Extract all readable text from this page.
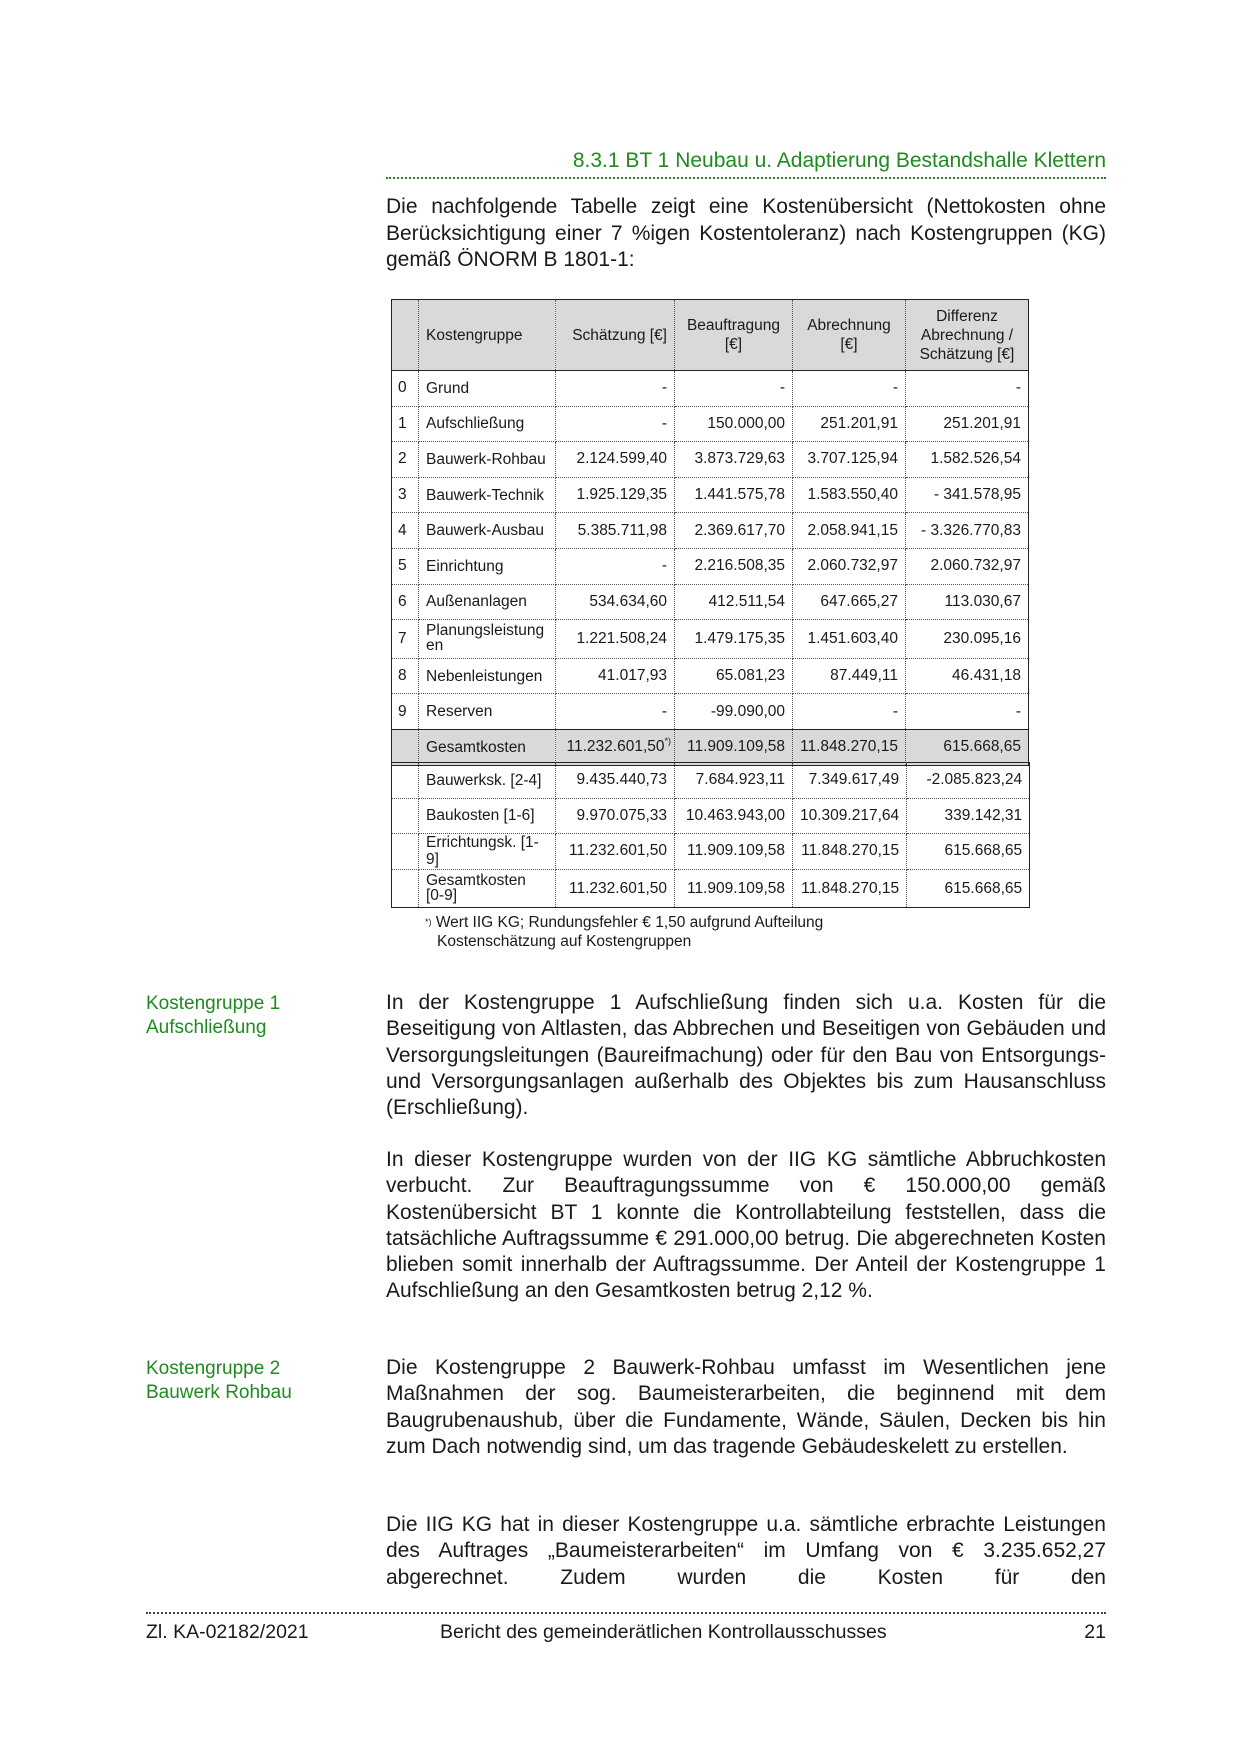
8.3.1 BT 1 Neubau u. Adaptierung Bestandshalle Klettern
Die nachfolgende Tabelle zeigt eine Kostenübersicht (Nettokosten ohne Berücksichtigung einer 7 %igen Kostentoleranz) nach Kostengruppen (KG) gemäß ÖNORM B 1801-1:
	Kostengruppe	Schätzung [€]	Beauftragung [€]	Abrechnung [€]	Differenz Abrechnung / Schätzung [€]
0	Grund	-	-	-	-
1	Aufschließung	-	150.000,00	251.201,91	251.201,91
2	Bauwerk-Rohbau	2.124.599,40	3.873.729,63	3.707.125,94	1.582.526,54
3	Bauwerk-Technik	1.925.129,35	1.441.575,78	1.583.550,40	- 341.578,95
4	Bauwerk-Ausbau	5.385.711,98	2.369.617,70	2.058.941,15	- 3.326.770,83
5	Einrichtung	-	2.216.508,35	2.060.732,97	2.060.732,97
6	Außenanlagen	534.634,60	412.511,54	647.665,27	113.030,67
7	Planungsleistungen	1.221.508,24	1.479.175,35	1.451.603,40	230.095,16
8	Nebenleistungen	41.017,93	65.081,23	87.449,11	46.431,18
9	Reserven	-	-99.090,00	-	-
	Gesamtkosten	11.232.601,50*)	11.909.109,58	11.848.270,15	615.668,65
	Bauwerksk. [2-4]	9.435.440,73	7.684.923,11	7.349.617,49	-2.085.823,24
	Baukosten [1-6]	9.970.075,33	10.463.943,00	10.309.217,64	339.142,31
	Errichtungsk. [1-9]	11.232.601,50	11.909.109,58	11.848.270,15	615.668,65
	Gesamtkosten [0-9]	11.232.601,50	11.909.109,58	11.848.270,15	615.668,65
*) Wert IIG KG; Rundungsfehler € 1,50 aufgrund Aufteilung
Kostenschätzung auf Kostengruppen
Kostengruppe 1
Aufschließung
In der Kostengruppe 1 Aufschließung finden sich u.a. Kosten für die Beseitigung von Altlasten, das Abbrechen und Beseitigen von Gebäuden und Versorgungsleitungen (Baureifmachung) oder für den Bau von Entsorgungs- und Versorgungsanlagen außerhalb des Objektes bis zum Hausanschluss (Erschließung).
In dieser Kostengruppe wurden von der IIG KG sämtliche Abbruchkosten verbucht. Zur Beauftragungssumme von € 150.000,00 gemäß Kostenübersicht BT 1 konnte die Kontrollabteilung feststellen, dass die tatsächliche Auftragssumme € 291.000,00 betrug. Die abgerechneten Kosten blieben somit innerhalb der Auftragssumme. Der Anteil der Kostengruppe 1 Aufschließung an den Gesamtkosten betrug 2,12 %.
Kostengruppe 2
Bauwerk Rohbau
Die Kostengruppe 2 Bauwerk-Rohbau umfasst im Wesentlichen jene Maßnahmen der sog. Baumeisterarbeiten, die beginnend mit dem Baugrubenaushub, über die Fundamente, Wände, Säulen, Decken bis hin zum Dach notwendig sind, um das tragende Gebäudeskelett zu erstellen.
Die IIG KG hat in dieser Kostengruppe u.a. sämtliche erbrachte Leistungen des Auftrages „Baumeisterarbeiten“ im Umfang von € 3.235.652,27 abgerechnet. Zudem wurden die Kosten für den
Zl. KA-02182/2021	Bericht des gemeinderätlichen Kontrollausschusses	21
